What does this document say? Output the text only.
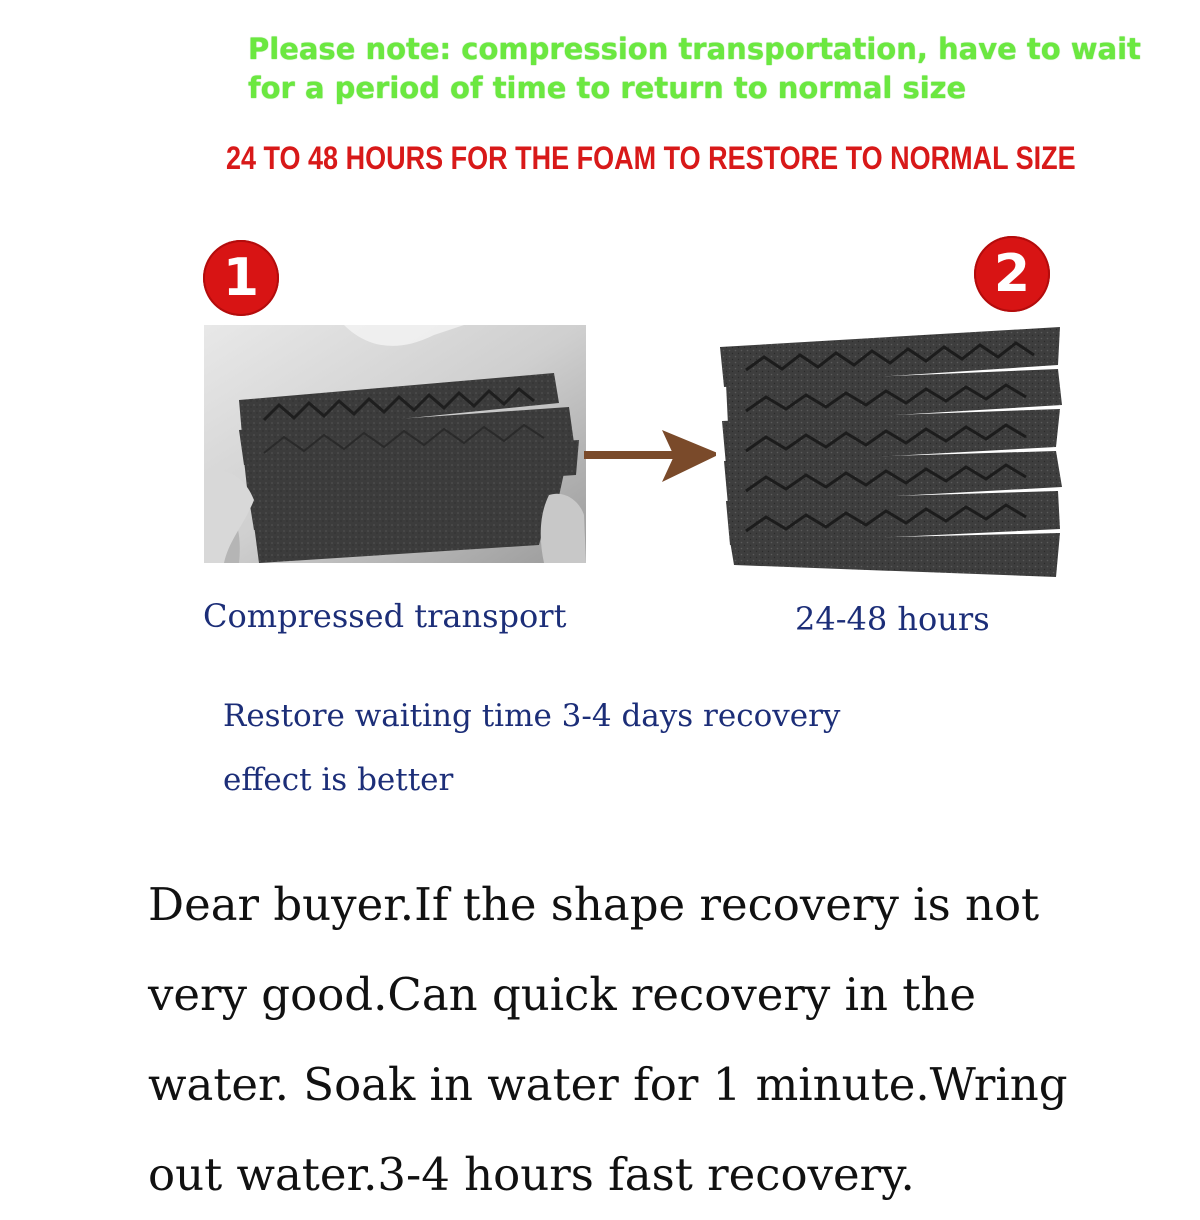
Please note: compression transportation, have to wait
for a period of time to return to normal size
24 TO 48 HOURS FOR THE FOAM TO RESTORE TO NORMAL SIZE
1	2
Compressed transport	24-48 hours
Restore waiting time 3-4 days recovery
effect is better
Dear buyer.If the shape recovery is not
very good.Can quick recovery in the
water. Soak in water for 1 minute.Wring
out water.3-4 hours fast recovery.
